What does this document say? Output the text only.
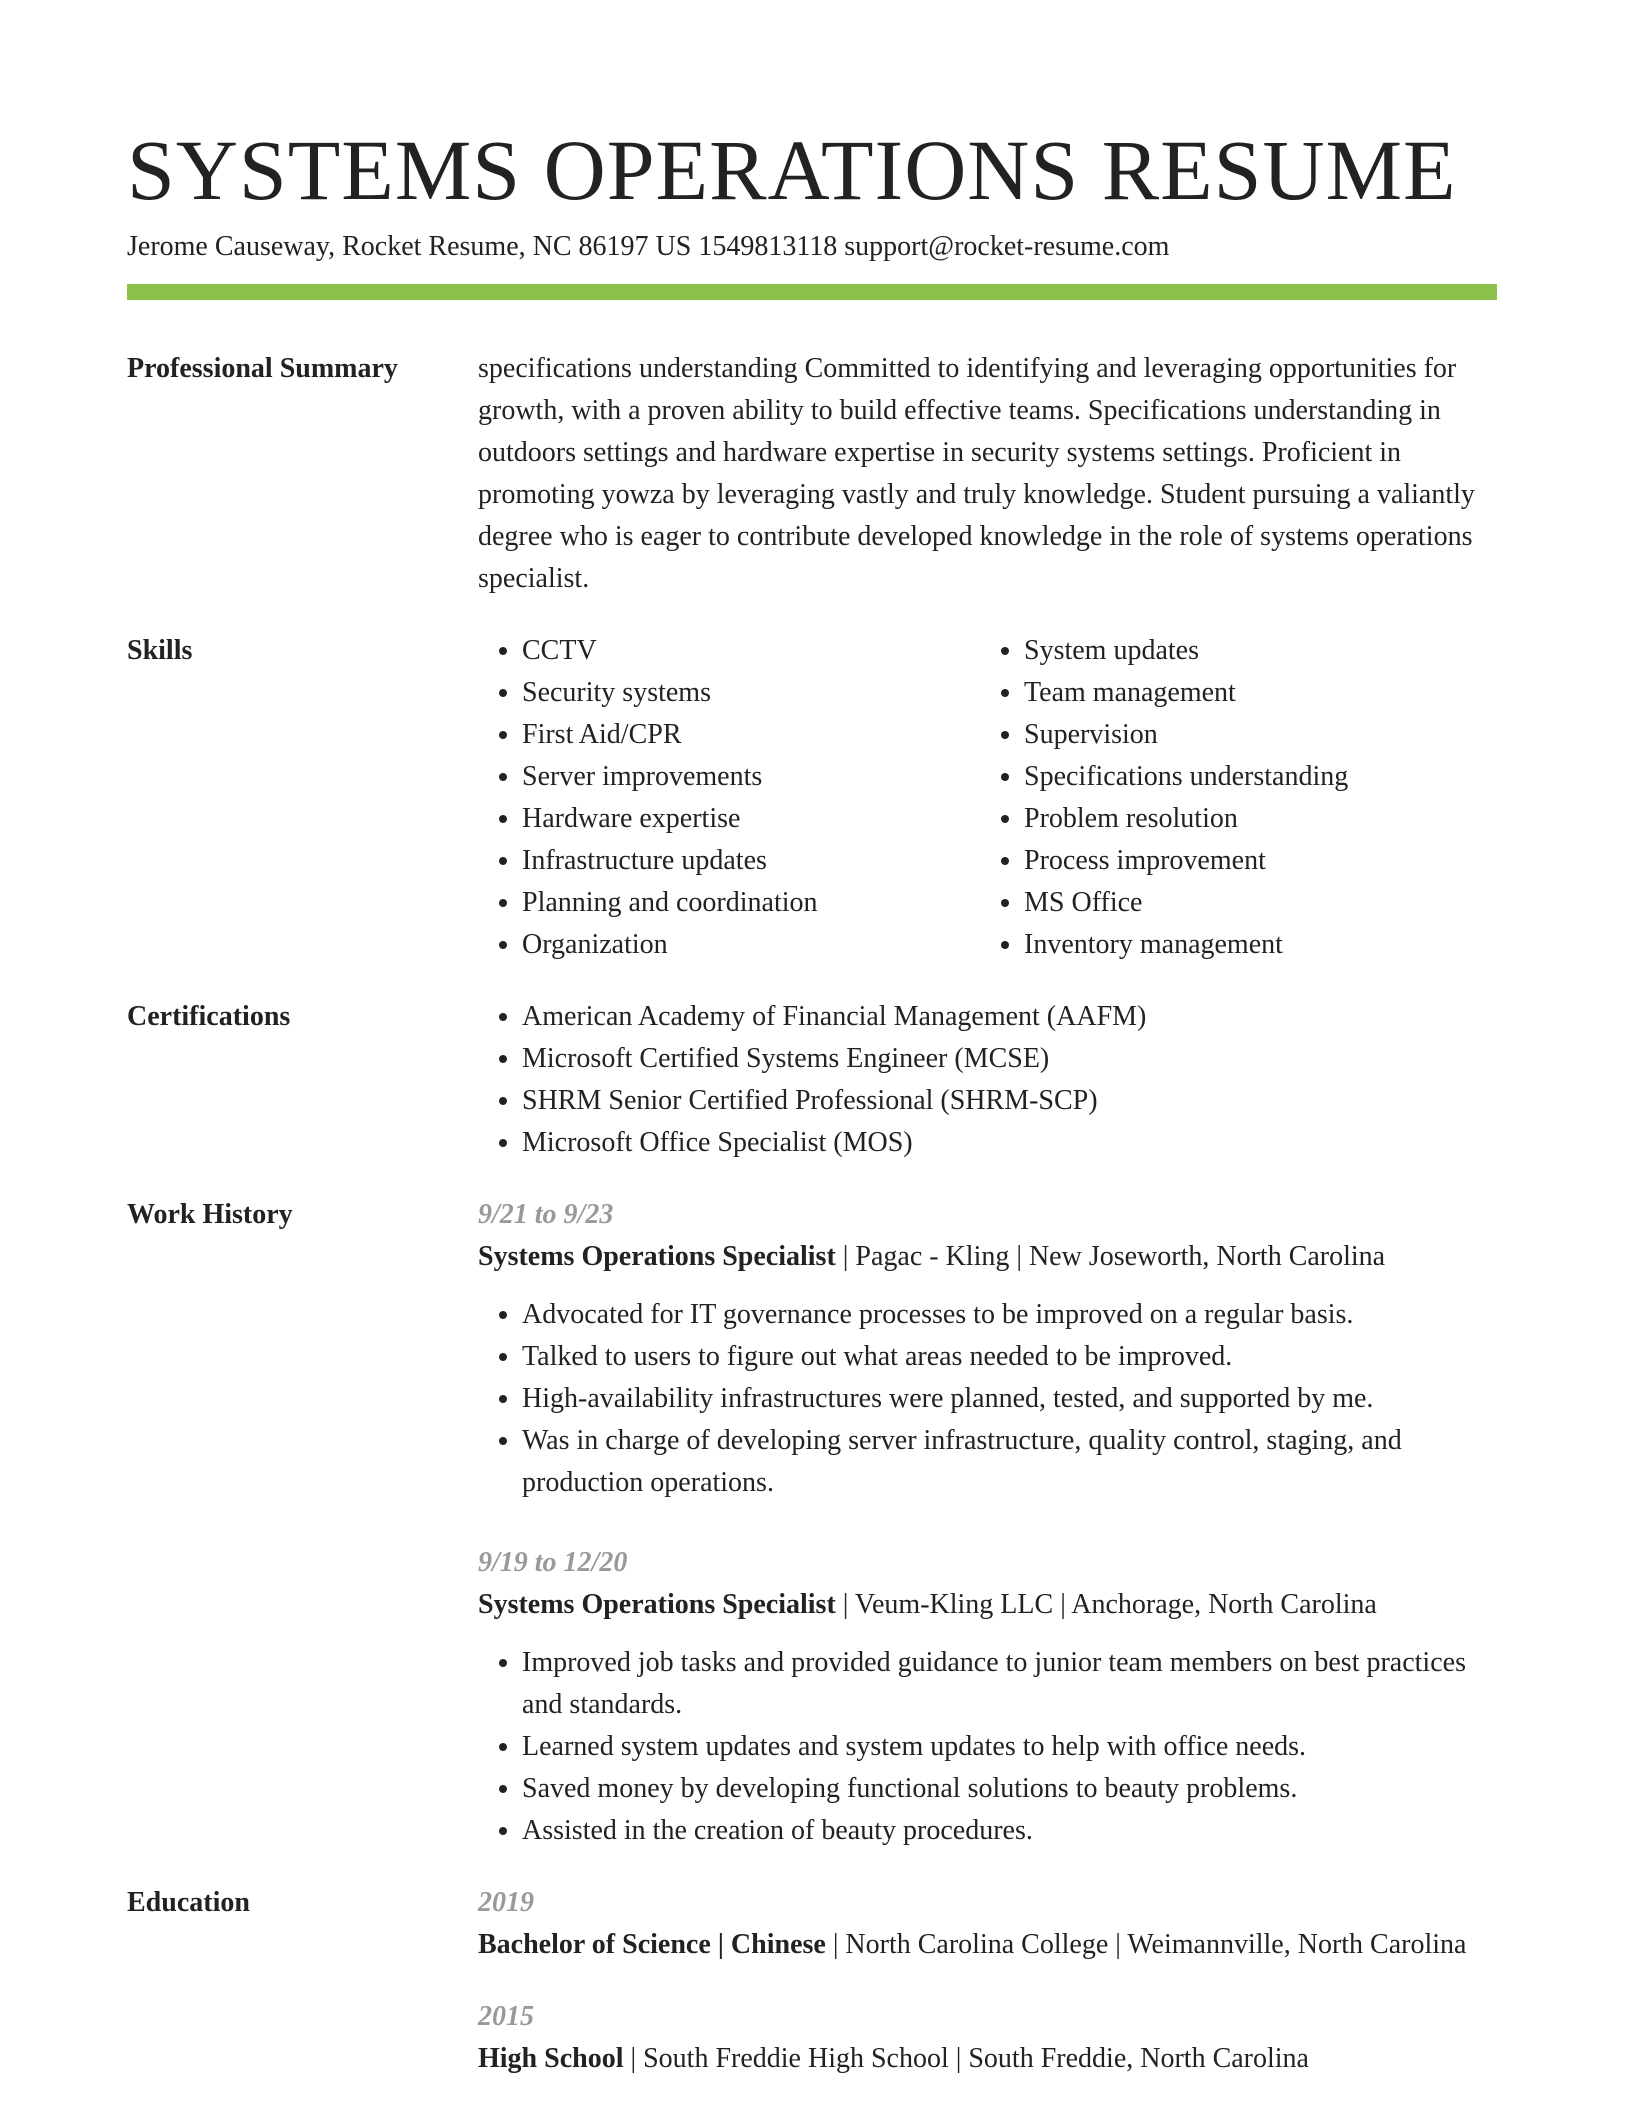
SYSTEMS OPERATIONS RESUME
Jerome Causeway, Rocket Resume, NC 86197 US 1549813118 support@rocket-resume.com
Professional Summary	specifications understanding Committed to identifying and leveraging opportunities for growth, with a proven ability to build effective teams. Specifications understanding in outdoors settings and hardware expertise in security systems settings. Proficient in promoting yowza by leveraging vastly and truly knowledge. Student pursuing a valiantly degree who is eager to contribute developed knowledge in the role of systems operations specialist.

Skills	• CCTV
• Security systems
• First Aid/CPR
• Server improvements
• Hardware expertise
• Infrastructure updates
• Planning and coordination
• Organization
• System updates
• Team management
• Supervision
• Specifications understanding
• Problem resolution
• Process improvement
• MS Office
• Inventory management
Certifications	• American Academy of Financial Management (AAFM)
• Microsoft Certified Systems Engineer (MCSE)
• SHRM Senior Certified Professional (SHRM-SCP)
• Microsoft Office Specialist (MOS)
Work History	9/21 to 9/23
Systems Operations Specialist | Pagac - Kling | New Joseworth, North Carolina
• Advocated for IT governance processes to be improved on a regular basis.
• Talked to users to figure out what areas needed to be improved.
• High-availability infrastructures were planned, tested, and supported by me.
• Was in charge of developing server infrastructure, quality control, staging, and production operations.
9/19 to 12/20
Systems Operations Specialist | Veum-Kling LLC | Anchorage, North Carolina
• Improved job tasks and provided guidance to junior team members on best practices and standards.
• Learned system updates and system updates to help with office needs.
• Saved money by developing functional solutions to beauty problems.
• Assisted in the creation of beauty procedures.
Education	2019
Bachelor of Science | Chinese | North Carolina College | Weimannville, North Carolina
2015
High School | South Freddie High School | South Freddie, North Carolina
